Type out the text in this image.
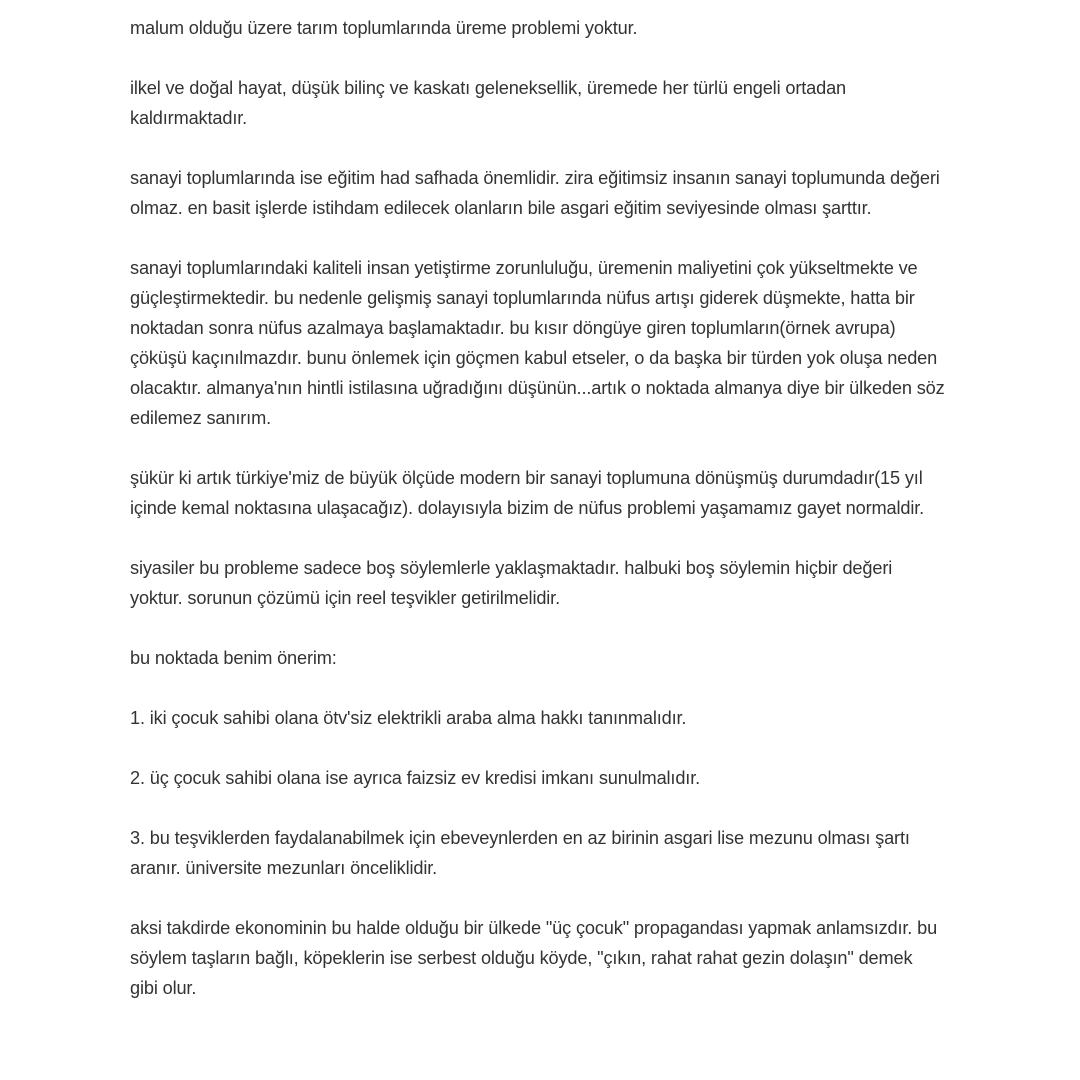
malum olduğu üzere tarım toplumlarında üreme problemi yoktur.

ilkel ve doğal hayat, düşük bilinç ve kaskatı geleneksellik, üremede her türlü engeli ortadan kaldırmaktadır.

sanayi toplumlarında ise eğitim had safhada önemlidir. zira eğitimsiz insanın sanayi toplumunda değeri olmaz. en basit işlerde istihdam edilecek olanların bile asgari eğitim seviyesinde olması şarttır.

sanayi toplumlarındaki kaliteli insan yetiştirme zorunluluğu, üremenin maliyetini çok yükseltmekte ve güçleştirmektedir. bu nedenle gelişmiş sanayi toplumlarında nüfus artışı giderek düşmekte, hatta bir noktadan sonra nüfus azalmaya başlamaktadır. bu kısır döngüye giren toplumların(örnek avrupa) çöküşü kaçınılmazdır. bunu önlemek için göçmen kabul etseler, o da başka bir türden yok oluşa neden olacaktır. almanya'nın hintli istilasına uğradığını düşünün...artık o noktada almanya diye bir ülkeden söz edilemez sanırım.

şükür ki artık türkiye'miz de büyük ölçüde modern bir sanayi toplumuna dönüşmüş durumdadır(15 yıl içinde kemal noktasına ulaşacağız). dolayısıyla bizim de nüfus problemi yaşamamız gayet normaldir.

siyasiler bu probleme sadece boş söylemlerle yaklaşmaktadır. halbuki boş söylemin hiçbir değeri yoktur. sorunun çözümü için reel teşvikler getirilmelidir.

bu noktada benim önerim:

1. iki çocuk sahibi olana ötv'siz elektrikli araba alma hakkı tanınmalıdır.

2. üç çocuk sahibi olana ise ayrıca faizsiz ev kredisi imkanı sunulmalıdır.

3. bu teşviklerden faydalanabilmek için ebeveynlerden en az birinin asgari lise mezunu olması şartı aranır. üniversite mezunları önceliklidir.

aksi takdirde ekonominin bu halde olduğu bir ülkede "üç çocuk" propagandası yapmak anlamsızdır. bu söylem taşların bağlı, köpeklerin ise serbest olduğu köyde, "çıkın, rahat rahat gezin dolaşın" demek gibi olur.
